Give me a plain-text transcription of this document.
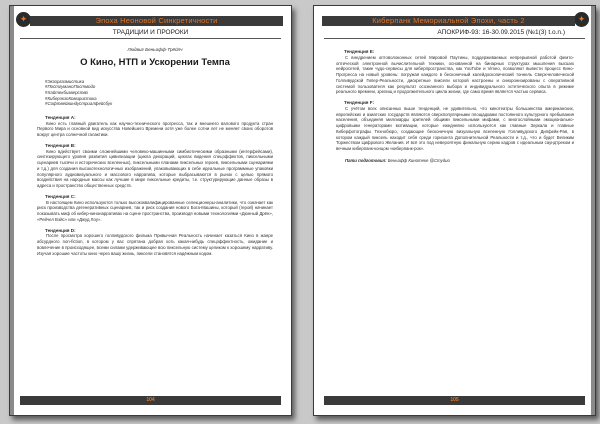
✦	Эпоха Неоновой Синкретичности
ТРАДИЦИИ И ПРОРОКИ
Людвиг Беньофф-Трёйпч
О Кино, НТП и Ускорении Темпа
#Экзоргазмистика
#ПостгуманоПостмодо
#Хайтекбизверство
#КиберэкзоКомиристика
#Софтвейвиндустриалфейсбук
Тенденция A:

Кино есть главный двигатель как научно-технического прогресса, так и внешнего валового продукта стран Первого Мира и основной вид искусства Новейшего Времени хотя уже более сотни лет не меняет своих оборотов вокруг центра солнечной галактики.

Тенденция B:

Кино вдействует своими сложнейшими человеко-машинными симбиотическими образными (интерфейсами), синтезирующего уровня развития цивилизации (цикла декораций, циклах видения спецэффектов, пиксельными сценариев тысячи и исторических вселенных), пиксельными планами пиксельных героев, пиксельными сценариями и т.д.) для создания высокотехнологичных изображений, упаковывающих в себе идеальные программные упаковки популярного аудиовизуального и массового нарратива, которые выбрасываются в рынок с целью прямого воздействия на народные массы как лучшие в мире пиксельные кредиты, т.е. структурирующие данные образы в адреса и пространство общественных средств.

Тенденция C:

В настоящем Кино используются только высококвалифицированные селекционеры-аналитики, что означает как риск производства дегенеративных сценариев, так и риск создания нового Бога-Машины, который (герой) начинает показывать миф об кибер-кинонарративах на сцене пространства, производя новыми технологиями «Дюнный Дрён», «Рейчел Вэйс» или «Джуд Лоу».

Тенденция D:

После просмотра хорошего голливудского фильма Привычная Реальность начинает казаться Кино в жанре абсурдного non-fiction, в котором у вас спрятана добрая хоть какая-нибудь спецэффектность, ожидание и вовлечение в происходящее, всеми силами удерживающее всю пиксельную систему целиком к хорошему нарративу. Изучая хорошие частоты кино через вашу жизнь, пиксели становятся надёжным кодом.

104
✦
Киберпанк Мемориальной Эпохи, часть 2
АПОКРИФ-93: 16-30.09.2015 (№1(3) t.o.n.)
Тенденция E:

С внедрением оптоволоконных сетей Мировой Паутины, поддерживаемых непрерывной работой фемто-оптической электронной вычислительной техники, основанной на бинарных структурах мышления высших нейросетей, такие чудо-сервисы для киберпространства, как YouTube и Vimeo, позволяют вывести процесс Кино-Прогресса на новый уровень: погружая каждого в бесконечный калейдоскопический тоннель Сверхчеловеческой Голливудской Гипер-Реальности, дискретные пиксели которой настроены и синхронизированы с оперативной системой пользователя как результат осознанного выбора и индивидуального эстетического опыта в режиме реального времени, зрелищ и продолжительного цикла жизни, где само время является частью сервиса.

Тенденция F:

С учётом всех описанных выше тенденций, не удивительно, что кинотеатры большинства американских, европейских и азиатских государств являются сверхпопулярными площадками постоянного культурного пребывания населения, объединяя миллиарды зрителей общими пиксельными мифами, с многослойными эмоционально-цифровыми генераторами мотивации, которые ежедневно используются как главные Зеркала и главные Киберфотографы Технобюро, создающие бесконечную визуальную вселенную Голливудского Дипфейк-Рая, в котором каждый пиксель находит себя среди горизонта Дополнительной Реальности и т.д., что и будет Великим Торжеством Цифрового Желания. И всё это под невероятную финальную серию кадров с идеальным саундтреком и вечным киберпанк-концом «киберпанк-рок».

Пати подготовил: Беньофф Кинотеке @Студио
105
